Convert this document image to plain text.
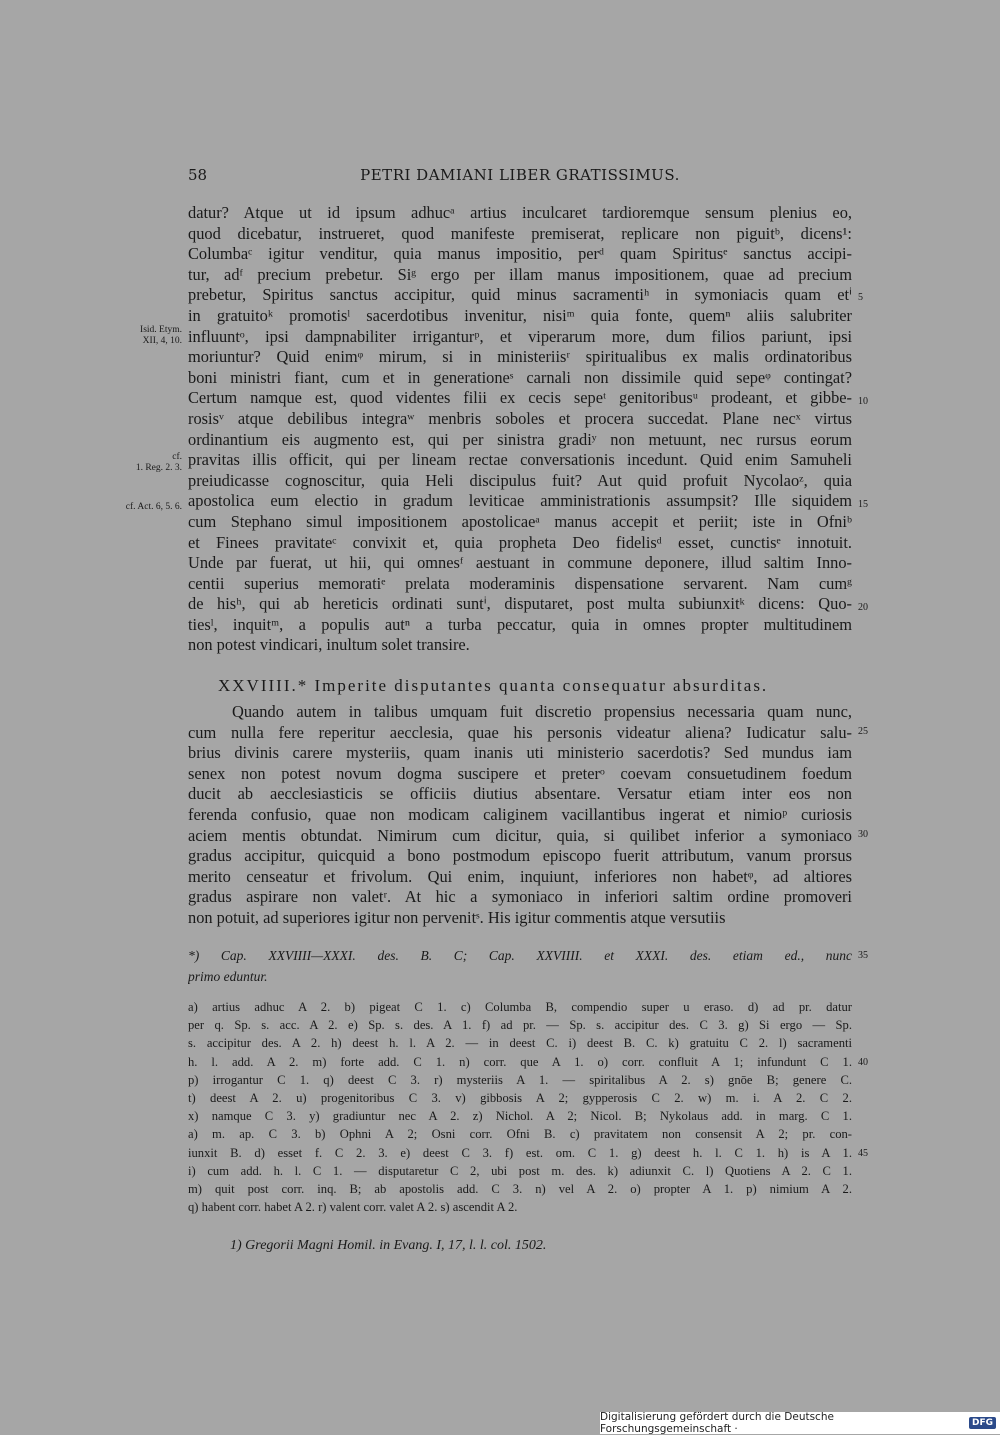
58	PETRI DAMIANI LIBER GRATISSIMUS.
datur? Atque ut id ipsum adhucᵃ artius inculcaret tardioremque sensum plenius eo,
quod dicebatur, instrueret, quod manifeste premiserat, replicare non piguitᵇ, dicens¹:
Columbaᶜ igitur venditur, quia manus impositio, perᵈ quam Spiritusᵉ sanctus accipi-
tur, adᶠ precium prebetur. Siᵍ ergo per illam manus impositionem, quae ad precium
prebetur, Spiritus sanctus accipitur, quid minus sacramentiʰ in symoniacis quam etⁱ
in gratuitoᵏ promotisˡ sacerdotibus invenitur, nisiᵐ quia fonte, quemⁿ aliis salubriter
influuntᵒ, ipsi dampnabiliter irriganturᵖ, et viperarum more, dum filios pariunt, ipsi
moriuntur? Quid enimᵠ mirum, si in ministeriisʳ spiritualibus ex malis ordinatoribus
boni ministri fiant, cum et in generationeˢ carnali non dissimile quid sepeᵠ contingat?
Certum namque est, quod videntes filii ex cecis sepeᵗ genitoribusᵘ prodeant, et gibbe-
rosisᵛ atque debilibus integraʷ menbris soboles et procera succedat. Plane necˣ virtus
ordinantium eis augmento est, qui per sinistra gradiʸ non metuunt, nec rursus eorum
pravitas illis officit, qui per lineam rectae conversationis incedunt. Quid enim Samuheli
preiudicasse cognoscitur, quia Heli discipulus fuit? Aut quid profuit Nycolaoᶻ, quia
apostolica eum electio in gradum leviticae amministrationis assumpsit? Ille siquidem
cum Stephano simul impositionem apostolicaeᵃ manus accepit et periit; iste in Ofniᵇ
et Finees pravitateᶜ convixit et, quia propheta Deo fidelisᵈ esset, cunctisᵉ innotuit.
Unde par fuerat, ut hii, qui omnesᶠ aestuant in commune deponere, illud saltim Inno-
centii superius memoratiᵉ prelata moderaminis dispensatione servarent. Nam cumᵍ
de hisʰ, qui ab hereticis ordinati suntⁱ, disputaret, post multa subiunxitᵏ dicens: Quo-
tiesˡ, inquitᵐ, a populis autⁿ a turba peccatur, quia in omnes propter multitudinem
non potest vindicari, inultum solet transire.
Isid. Etym.
XII, 4, 10.
cf.
1. Reg. 2. 3.
cf. Act. 6, 5. 6.
5
10
15
20
25
30
35
40
45
XXVIIII.* Imperite disputantes quanta consequatur absurditas.
Quando autem in talibus umquam fuit discretio propensius necessaria quam nunc,
cum nulla fere reperitur aecclesia, quae his personis videatur aliena? Iudicatur salu-
brius divinis carere mysteriis, quam inanis uti ministerio sacerdotis? Sed mundus iam
senex non potest novum dogma suscipere et preterᵒ coevam consuetudinem foedum
ducit ab aecclesiasticis se officiis diutius absentare. Versatur etiam inter eos non
ferenda confusio, quae non modicam caliginem vacillantibus ingerat et nimioᵖ curiosis
aciem mentis obtundat. Nimirum cum dicitur, quia, si quilibet inferior a symoniaco
gradus accipitur, quicquid a bono postmodum episcopo fuerit attributum, vanum prorsus
merito censeatur et frivolum. Qui enim, inquiunt, inferiores non habetᵠ, ad altiores
gradus aspirare non valetʳ. At hic a symoniaco in inferiori saltim ordine promoveri
non potuit, ad superiores igitur non pervenitˢ. His igitur commentis atque versutiis
*) Cap. XXVIIII—XXXI. des. B. C; Cap. XXVIIII. et XXXI. des. etiam ed., nunc
primo eduntur.
a) artius adhuc A 2. b) pigeat C 1. c) Columba B, compendio super u eraso. d) ad pr. datur
per q. Sp. s. acc. A 2. e) Sp. s. des. A 1. f) ad pr. — Sp. s. accipitur des. C 3. g) Si ergo — Sp.
s. accipitur des. A 2. h) deest h. l. A 2. — in deest C. i) deest B. C. k) gratuitu C 2. l) sacramenti
h. l. add. A 2. m) forte add. C 1. n) corr. que A 1. o) corr. confluit A 1; infundunt C 1.
p) irrogantur C 1. q) deest C 3. r) mysteriis A 1. — spiritalibus A 2. s) gnōe B; genere C.
t) deest A 2. u) progenitoribus C 3. v) gibbosis A 2; gypperosis C 2. w) m. i. A 2. C 2.
x) namque C 3. y) gradiuntur nec A 2. z) Nichol. A 2; Nicol. B; Nykolaus add. in marg. C 1.
a) m. ap. C 3. b) Ophni A 2; Osni corr. Ofni B. c) pravitatem non consensit A 2; pr. con-
iunxit B. d) esset f. C 2. 3. e) deest C 3. f) est. om. C 1. g) deest h. l. C 1. h) is A 1.
i) cum add. h. l. C 1. — disputaretur C 2, ubi post m. des. k) adiunxit C. l) Quotiens A 2. C 1.
m) quit post corr. inq. B; ab apostolis add. C 3. n) vel A 2. o) propter A 1. p) nimium A 2.
q) habent corr. habet A 2. r) valent corr. valet A 2. s) ascendit A 2.
1) Gregorii Magni Homil. in Evang. I, 17, l. l. col. 1502.
Digitalisierung gefördert durch die Deutsche Forschungsgemeinschaft ·	DFG
